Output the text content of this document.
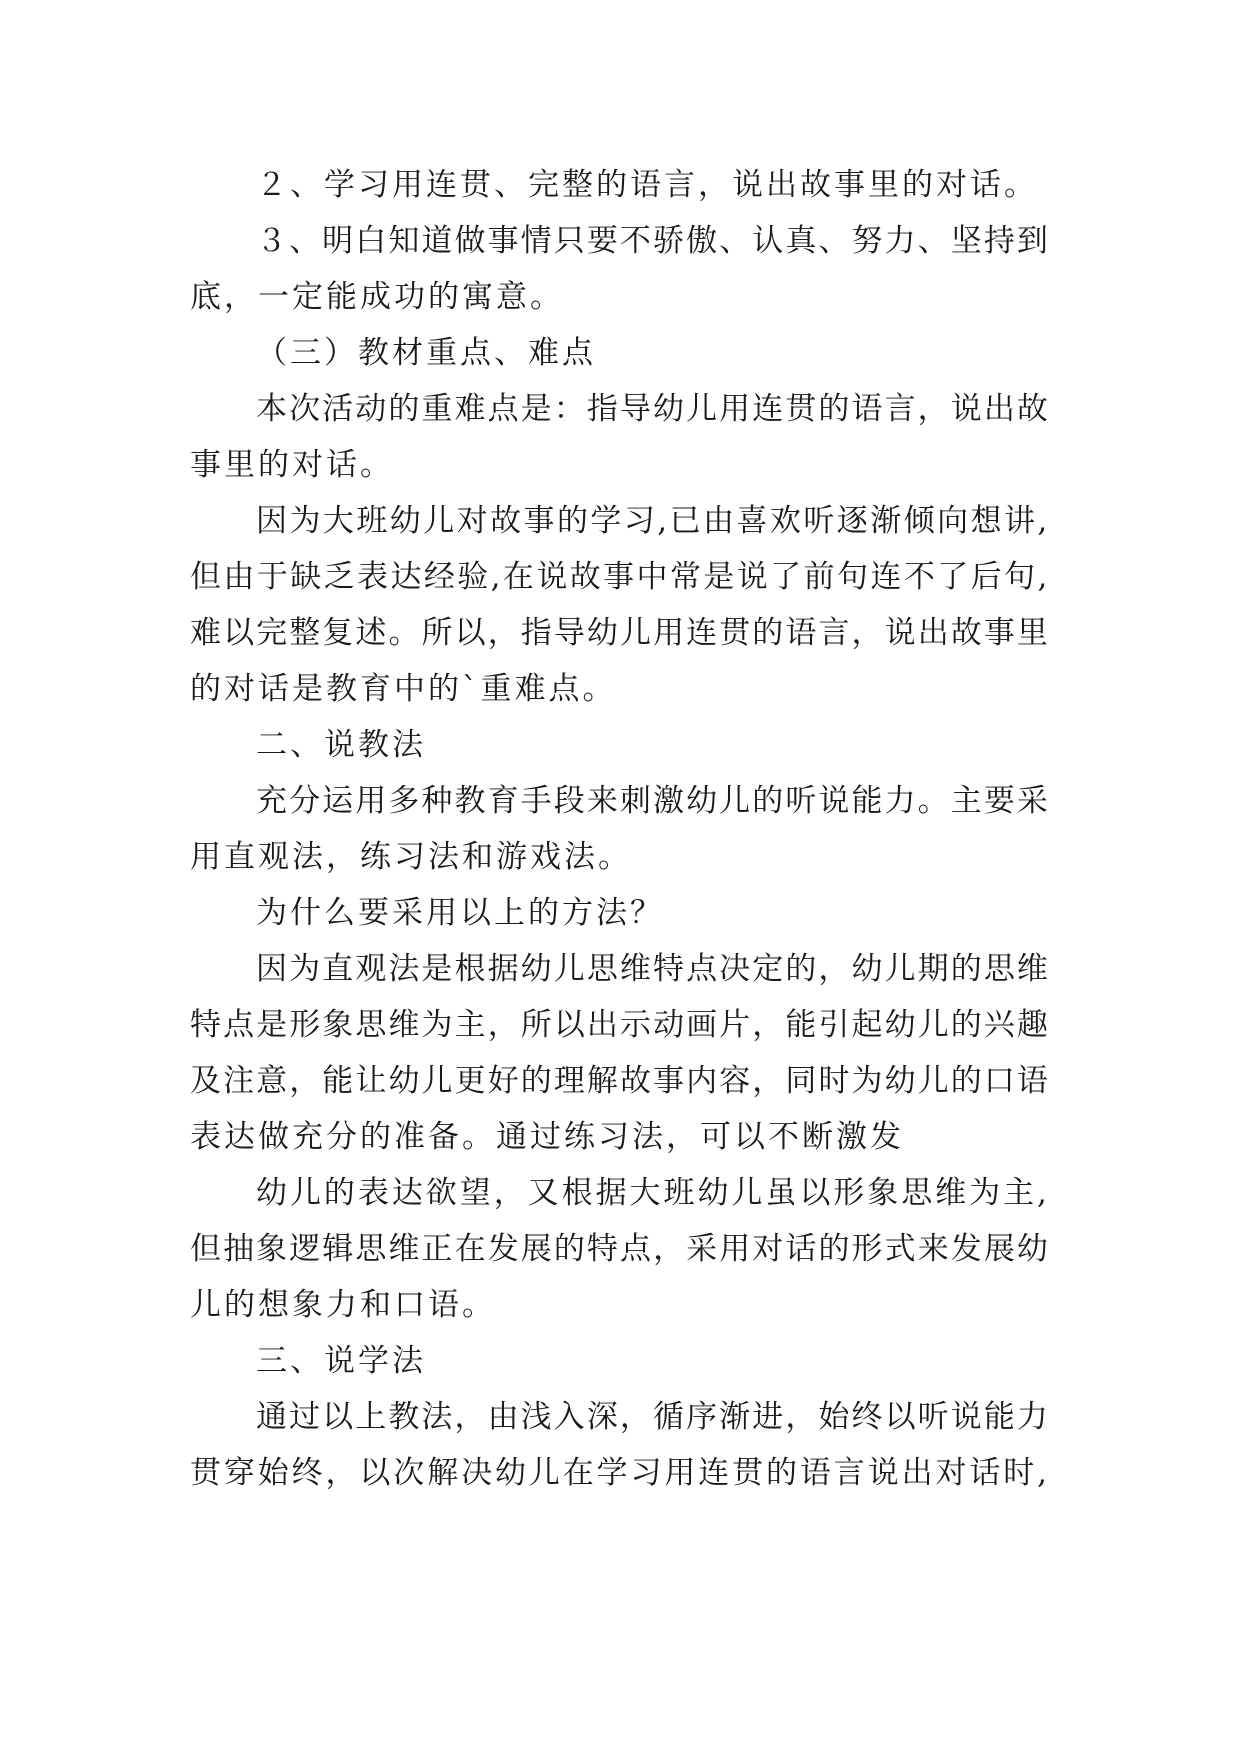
２、学习用连贯、完整的语言，说出故事里的对话。
３、明白知道做事情只要不骄傲、认真、努力、坚持到
底，一定能成功的寓意。
（三）教材重点、难点
本次活动的重难点是：指导幼儿用连贯的语言，说出故
事里的对话。
因为大班幼儿对故事的学习,已由喜欢听逐渐倾向想讲,
但由于缺乏表达经验,在说故事中常是说了前句连不了后句,
难以完整复述。所以，指导幼儿用连贯的语言，说出故事里
的对话是教育中的`重难点。
二、说教法
充分运用多种教育手段来刺激幼儿的听说能力。主要采
用直观法，练习法和游戏法。
为什么要采用以上的方法？
因为直观法是根据幼儿思维特点决定的，幼儿期的思维
特点是形象思维为主，所以出示动画片，能引起幼儿的兴趣
及注意，能让幼儿更好的理解故事内容，同时为幼儿的口语
表达做充分的准备。通过练习法，可以不断激发
幼儿的表达欲望，又根据大班幼儿虽以形象思维为主,
但抽象逻辑思维正在发展的特点，采用对话的形式来发展幼
儿的想象力和口语。
三、说学法
通过以上教法，由浅入深，循序渐进，始终以听说能力
贯穿始终，以次解决幼儿在学习用连贯的语言说出对话时,
